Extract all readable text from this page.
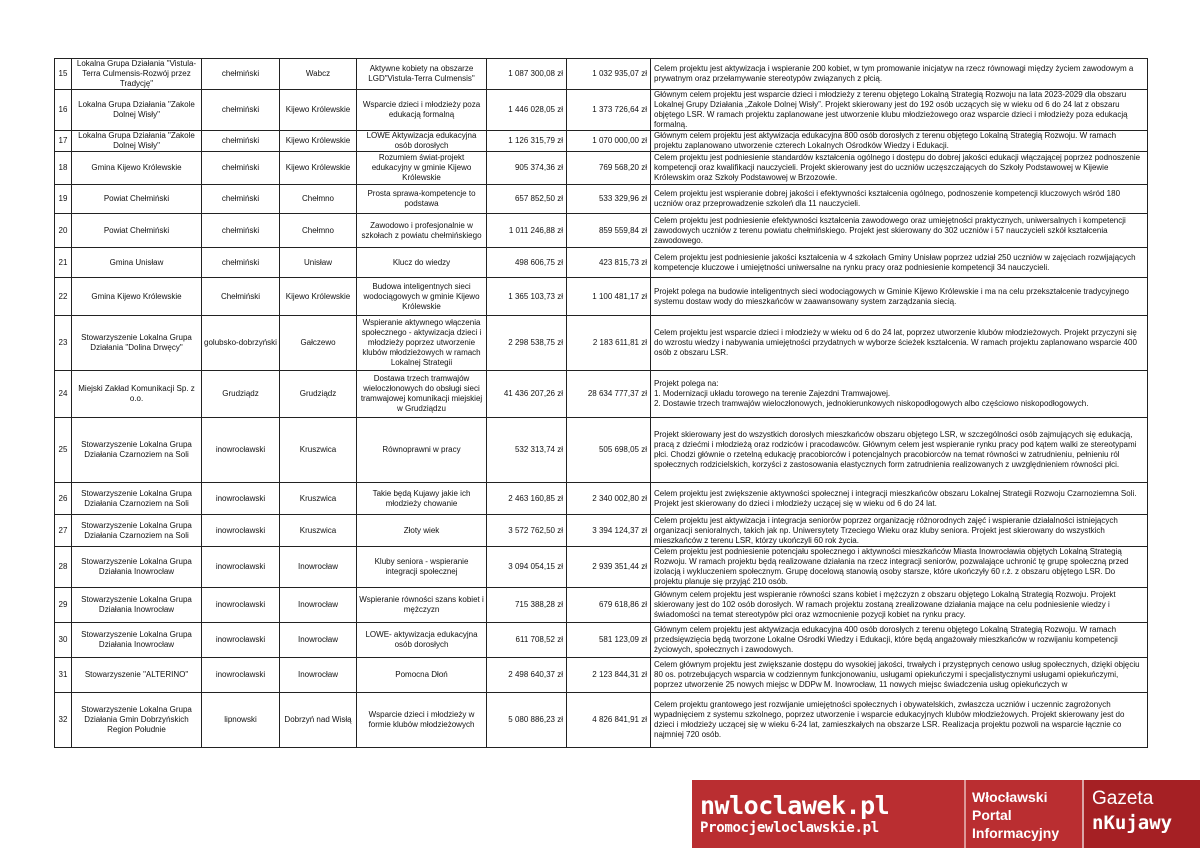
15	Lokalna Grupa Działania "Vistula-Terra Culmensis-Rozwój przez Tradycję"	chełmiński	Wabcz	Aktywne kobiety na obszarze LGD"Vistula-Terra Culmensis"	1 087 300,08 zł	1 032 935,07 zł	Celem projektu jest aktywizacja i wspieranie 200 kobiet, w tym promowanie inicjatyw na rzecz równowagi między życiem zawodowym a prywatnym oraz przełamywanie stereotypów związanych z płcią.
16	Lokalna Grupa Działania "Zakole Dolnej Wisły"	chełmiński	Kijewo Królewskie	Wsparcie dzieci i młodzieży poza edukacją formalną	1 446 028,05 zł	1 373 726,64 zł	Głównym celem projektu jest wsparcie dzieci i młodzieży z terenu objętego Lokalną Strategią Rozwoju na lata 2023-2029 dla obszaru Lokalnej Grupy Działania „Zakole Dolnej Wisły”. Projekt skierowany jest do 192 osób uczących się w wieku od 6 do 24 lat z obszaru objętego LSR. W ramach projektu zaplanowane jest utworzenie klubu młodzieżowego oraz wsparcie dzieci i młodzieży poza edukacją formalną.
17	Lokalna Grupa Działania "Zakole Dolnej Wisły"	chełmiński	Kijewo Królewskie	LOWE Aktywizacja edukacyjna osób dorosłych	1 126 315,79 zł	1 070 000,00 zł	Głównym celem projektu jest aktywizacja edukacyjna 800 osób dorosłych z terenu objętego Lokalną Strategią Rozwoju. W ramach projektu zaplanowano utworzenie czterech Lokalnych Ośrodków Wiedzy i Edukacji.
18	Gmina Kijewo Królewskie	chełmiński	Kijewo Królewskie	Rozumiem świat-projekt edukacyjny w gminie Kijewo Królewskie	905 374,36 zł	769 568,20 zł	Celem projektu jest podniesienie standardów kształcenia ogólnego i dostępu do dobrej jakości edukacji włączającej poprzez podnoszenie kompetencji oraz kwalifikacji nauczycieli. Projekt skierowany jest do uczniów uczęszczających do Szkoły Podstawowej w Kijewie Królewskim oraz Szkoły Podstawowej w Brzozowie.
19	Powiat Chełmiński	chełmiński	Chełmno	Prosta sprawa-kompetencje to podstawa	657 852,50 zł	533 329,96 zł	Celem projektu jest wspieranie dobrej jakości i efektywności kształcenia ogólnego, podnoszenie kompetencji kluczowych wśród 180 uczniów oraz przeprowadzenie szkoleń dla 11 nauczycieli.
20	Powiat Chełmiński	chełmiński	Chełmno	Zawodowo i profesjonalnie w szkołach z powiatu chełmińskiego	1 011 246,88 zł	859 559,84 zł	Celem projektu jest podniesienie efektywności kształcenia zawodowego oraz umiejętności praktycznych, uniwersalnych i kompetencji zawodowych uczniów z terenu powiatu chełmińskiego. Projekt jest skierowany do 302 uczniów i 57 nauczycieli szkół kształcenia zawodowego.
21	Gmina Unisław	chełmiński	Unisław	Klucz do wiedzy	498 606,75 zł	423 815,73 zł	Celem projektu jest podniesienie jakości kształcenia w 4 szkołach Gminy Unisław poprzez udział 250 uczniów w zajęciach rozwijających kompetencje kluczowe i umiejętności uniwersalne na rynku pracy oraz podniesienie kompetencji 34 nauczycieli.
22	Gmina Kijewo Królewskie	Chełmiński	Kijewo Królewskie	Budowa inteligentnych sieci wodociągowych w gminie Kijewo Królewskie	1 365 103,73 zł	1 100 481,17 zł	Projekt polega na budowie inteligentnych sieci wodociągowych w Gminie Kijewo Królewskie i ma na celu przekształcenie tradycyjnego systemu dostaw wody do mieszkańców w zaawansowany system zarządzania siecią.
23	Stowarzyszenie Lokalna Grupa Działania "Dolina Drwęcy"	golubsko-dobrzyński	Gałczewo	Wspieranie aktywnego włączenia społecznego - aktywizacja dzieci i młodzieży poprzez utworzenie klubów młodzieżowych w ramach Lokalnej Strategii	2 298 538,75 zł	2 183 611,81 zł	Celem projektu jest wsparcie dzieci i młodzieży w wieku od 6 do 24 lat, poprzez utworzenie klubów młodzieżowych. Projekt przyczyni się do wzrostu wiedzy i nabywania umiejętności przydatnych w wyborze ścieżek kształcenia. W ramach projektu zaplanowano wsparcie 400 osób z obszaru LSR.
24	Miejski Zakład Komunikacji Sp. z o.o.	Grudziądz	Grudziądz	Dostawa trzech tramwajów wieloczłonowych do obsługi sieci tramwajowej komunikacji miejskiej w Grudziądzu	41 436 207,26 zł	28 634 777,37 zł	Projekt polega na:
1. Modernizacji układu torowego na terenie Zajezdni Tramwajowej.
2. Dostawie trzech tramwajów wieloczłonowych, jednokierunkowych niskopodłogowych albo częściowo niskopodłogowych.
25	Stowarzyszenie Lokalna Grupa Działania Czarnoziem na Soli	inowrocławski	Kruszwica	Równoprawni w pracy	532 313,74 zł	505 698,05 zł	Projekt skierowany jest do wszystkich dorosłych mieszkańców obszaru objętego LSR, w szczególności osób zajmujących się edukacją, pracą z dziećmi i młodzieżą oraz rodziców i pracodawców. Głównym celem jest wspieranie rynku pracy pod kątem walki ze stereotypami płci. Chodzi głównie o rzetelną edukację pracobiorców i potencjalnych pracobiorców na temat równości w zatrudnieniu, pełnieniu ról społecznych rodzicielskich, korzyści z zastosowania elastycznych form zatrudnienia realizowanych z uwzględnieniem równości płci.
26	Stowarzyszenie Lokalna Grupa Działania Czarnoziem na Soli	inowrocławski	Kruszwica	Takie będą Kujawy jakie ich młodzieży chowanie	2 463 160,85 zł	2 340 002,80 zł	Celem projektu jest zwiększenie aktywności społecznej i integracji mieszkańców obszaru Lokalnej Strategii Rozwoju Czarnoziemna Soli. Projekt jest skierowany do dzieci i młodzieży uczącej się w wieku od 6 do 24 lat.
27	Stowarzyszenie Lokalna Grupa Działania Czarnoziem na Soli	inowrocławski	Kruszwica	Złoty wiek	3 572 762,50 zł	3 394 124,37 zł	Celem projektu jest aktywizacja i integracja seniorów poprzez organizację różnorodnych zajęć i wspieranie działalności istniejących organizacji senioralnych, takich jak np. Uniwersytety Trzeciego Wieku oraz kluby seniora. Projekt jest skierowany do wszystkich mieszkańców z terenu LSR, którzy ukończyli 60 rok życia.
28	Stowarzyszenie Lokalna Grupa Działania Inowrocław	inowrocławski	Inowrocław	Kluby seniora - wspieranie integracji społecznej	3 094 054,15 zł	2 939 351,44 zł	Celem projektu jest podniesienie potencjału społecznego i aktywności mieszkańców Miasta Inowrocławia objętych Lokalną Strategią Rozwoju. W ramach projektu będą realizowane działania na rzecz integracji seniorów, pozwalające uchronić tę grupę społeczną przed izolacją i wykluczeniem społecznym. Grupę docelową stanowią osoby starsze, które ukończyły 60 r.ż. z obszaru objętego LSR. Do projektu planuje się przyjąć 210 osób.
29	Stowarzyszenie Lokalna Grupa Działania Inowrocław	inowrocławski	Inowrocław	Wspieranie równości szans kobiet i mężczyzn	715 388,28 zł	679 618,86 zł	Głównym celem projektu jest wspieranie równości szans kobiet i mężczyzn z obszaru objętego Lokalną Strategią Rozwoju. Projekt skierowany jest do 102 osób dorosłych. W ramach projektu zostaną zrealizowane działania mające na celu podniesienie wiedzy i świadomości na temat stereotypów płci oraz wzmocnienie pozycji kobiet na rynku pracy.
30	Stowarzyszenie Lokalna Grupa Działania Inowrocław	inowrocławski	Inowrocław	LOWE- aktywizacja edukacyjna osób dorosłych	611 708,52 zł	581 123,09 zł	Głównym celem projektu jest aktywizacja edukacyjna 400 osób dorosłych z terenu objętego Lokalną Strategią Rozwoju. W ramach przedsięwzięcia będą tworzone Lokalne Ośrodki Wiedzy i Edukacji, które będą angażowały mieszkańców w rozwijaniu kompetencji życiowych, społecznych i zawodowych.
31	Stowarzyszenie "ALTERINO"	inowrocławski	Inowrocław	Pomocna Dłoń	2 498 640,37 zł	2 123 844,31 zł	Celem głównym projektu jest zwiększanie dostępu do wysokiej jakości, trwałych i przystępnych cenowo usług społecznych, dzięki objęciu 80 os. potrzebujących wsparcia w codziennym funkcjonowaniu, usługami opiekuńczymi i specjalistycznymi usługami opiekuńczymi, poprzez utworzenie 25 nowych miejsc w DDPw M. Inowrocław, 11 nowych miejsc świadczenia usług opiekuńczych w
32	Stowarzyszenie Lokalna Grupa Działania Gmin Dobrzyńskich Region Południe	lipnowski	Dobrzyń nad Wisłą	Wsparcie dzieci i młodzieży w formie klubów młodzieżowych	5 080 886,23 zł	4 826 841,91 zł	Celem projektu grantowego jest rozwijanie umiejętności społecznych i obywatelskich, zwłaszcza uczniów i uczennic zagrożonych wypadnięciem z systemu szkolnego, poprzez utworzenie i wsparcie edukacyjnych klubów młodzieżowych. Projekt skierowany jest do dzieci i młodzieży uczącej się w wieku 6-24 lat, zamieszkałych na obszarze LSR. Realizacja projektu pozwoli na wsparcie łącznie co najmniej 720 osób.
nwloclawek.pl
Promocjewloclawskie.pl
Włocławski Portal Informacyjny
Gazeta
nKujawy
